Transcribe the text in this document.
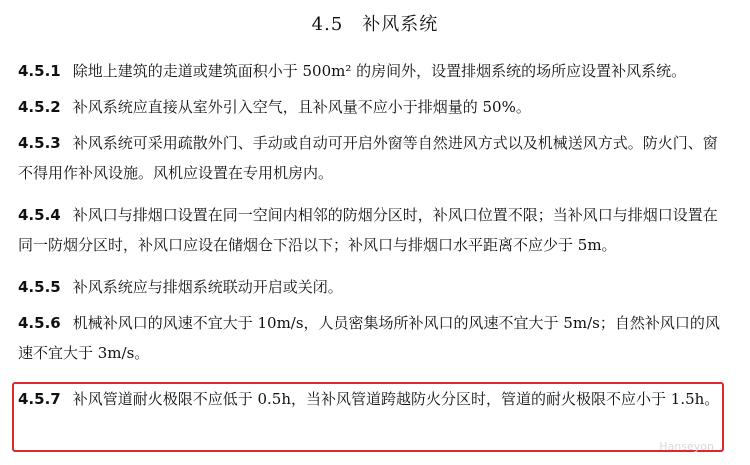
4.5　补风系统
4.5.1 除地上建筑的走道或建筑面积小于 500m² 的房间外，设置排烟系统的场所应设置补风系统。
4.5.2 补风系统应直接从室外引入空气，且补风量不应小于排烟量的 50%。
4.5.3 补风系统可采用疏散外门、手动或自动可开启外窗等自然进风方式以及机械送风方式。防火门、窗不得用作补风设施。风机应设置在专用机房内。
4.5.4 补风口与排烟口设置在同一空间内相邻的防烟分区时，补风口位置不限；当补风口与排烟口设置在同一防烟分区时，补风口应设在储烟仓下沿以下；补风口与排烟口水平距离不应少于 5m。
4.5.5 补风系统应与排烟系统联动开启或关闭。
4.5.6 机械补风口的风速不宜大于 10m/s，人员密集场所补风口的风速不宜大于 5m/s；自然补风口的风速不宜大于 3m/s。
4.5.7 补风管道耐火极限不应低于 0.5h，当补风管道跨越防火分区时，管道的耐火极限不应小于 1.5h。
Hanseyon
